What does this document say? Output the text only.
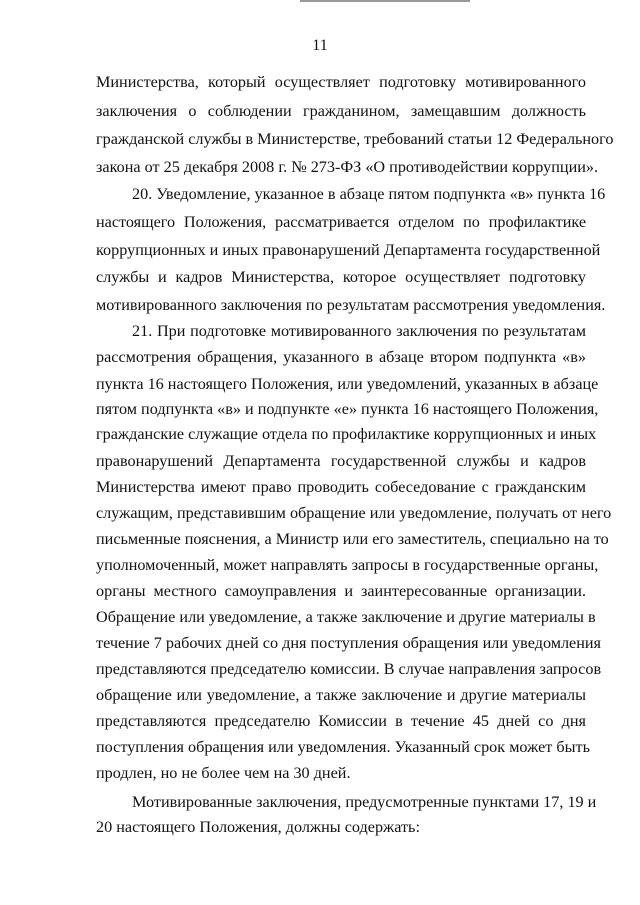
11
Министерства, который осуществляет подготовку мотивированного
заключения о соблюдении гражданином, замещавшим должность
гражданской службы в Министерстве, требований статьи 12 Федерального
закона от 25 декабря 2008 г. № 273-ФЗ «О противодействии коррупции».
20. Уведомление, указанное в абзаце пятом подпункта «в» пункта 16
настоящего Положения, рассматривается отделом по профилактике
коррупционных и иных правонарушений Департамента государственной
службы и кадров Министерства, которое осуществляет подготовку
мотивированного заключения по результатам рассмотрения уведомления.
21. При подготовке мотивированного заключения по результатам
рассмотрения обращения, указанного в абзаце втором подпункта «в»
пункта 16 настоящего Положения, или уведомлений, указанных в абзаце
пятом подпункта «в» и подпункте «е» пункта 16 настоящего Положения,
гражданские служащие отдела по профилактике коррупционных и иных
правонарушений Департамента государственной службы и кадров
Министерства имеют право проводить собеседование с гражданским
служащим, представившим обращение или уведомление, получать от него
письменные пояснения, а Министр или его заместитель, специально на то
уполномоченный, может направлять запросы в государственные органы,
органы местного самоуправления и заинтересованные организации.
Обращение или уведомление, а также заключение и другие материалы в
течение 7 рабочих дней со дня поступления обращения или уведомления
представляются председателю комиссии. В случае направления запросов
обращение или уведомление, а также заключение и другие материалы
представляются председателю Комиссии в течение 45 дней со дня
поступления обращения или уведомления. Указанный срок может быть
продлен, но не более чем на 30 дней.
Мотивированные заключения, предусмотренные пунктами 17, 19 и
20 настоящего Положения, должны содержать:
